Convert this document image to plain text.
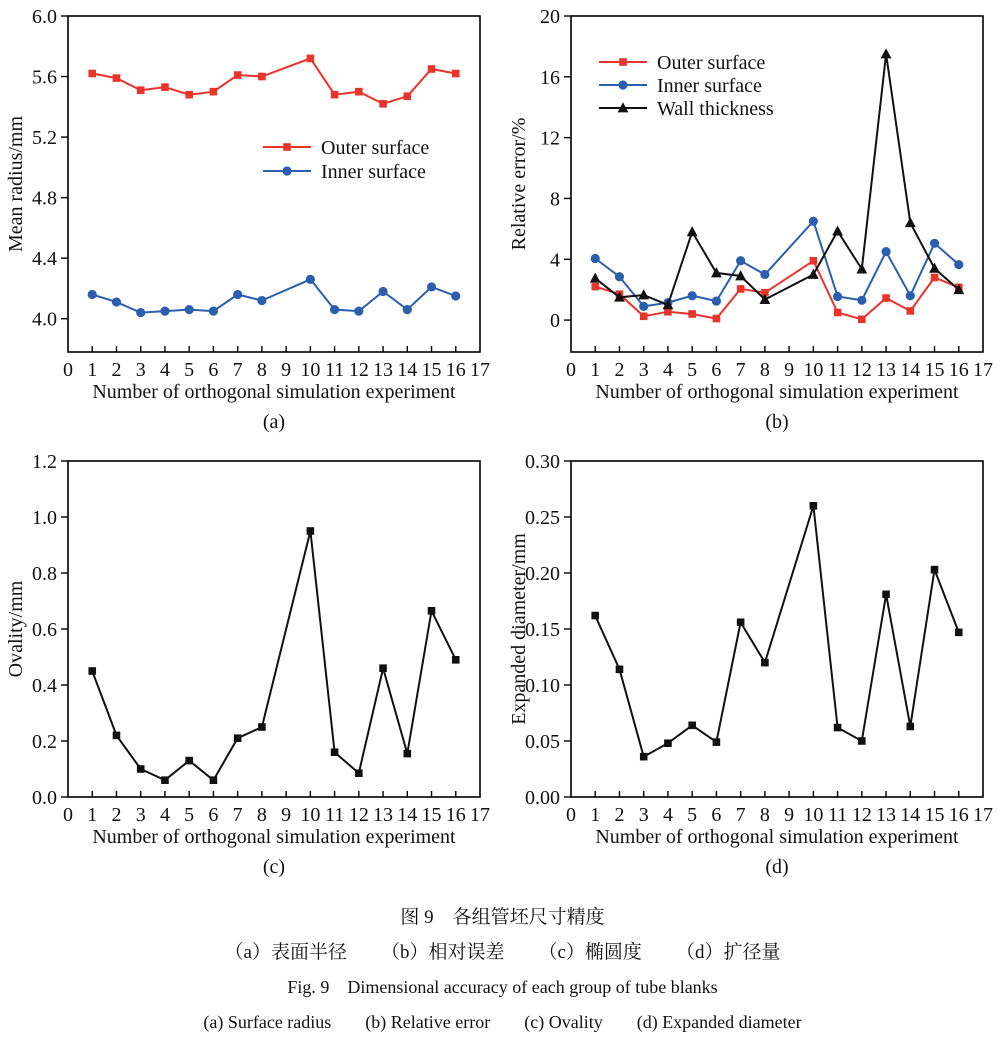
0 1 2 3 4 5 6 7 8 9 10 11 12 13 14 15 16 17
4.0
4.4
4.8
5.2
5.6
6.0
Number of orthogonal simulation experiment
Mean radius/mm
(a)
Outer surface
Inner surface
0 1 2 3 4 5 6 7 8 9 10 11 12 13 14 15 16 17
0
4
8
12
16
20
Number of orthogonal simulation experiment
Relative error/%
(b)
Outer surface
Inner surface
Wall thickness
0 1 2 3 4 5 6 7 8 9 10 11 12 13 14 15 16 17
0.0
0.2
0.4
0.6
0.8
1.0
1.2
Number of orthogonal simulation experiment
Ovality/mm
(c)
0 1 2 3 4 5 6 7 8 9 10 11 12 13 14 15 16 17
0.00
0.05
0.10
0.15
0.20
0.25
0.30
Number of orthogonal simulation experiment
Expanded diameter/mm
(d)
图 9　各组管坯尺寸精度
（a）表面半径 （b）相对误差 （c）椭圆度 （d）扩径量
Fig. 9　Dimensional accuracy of each group of tube blanks
(a) Surface radius (b) Relative error (c) Ovality (d) Expanded diameter
